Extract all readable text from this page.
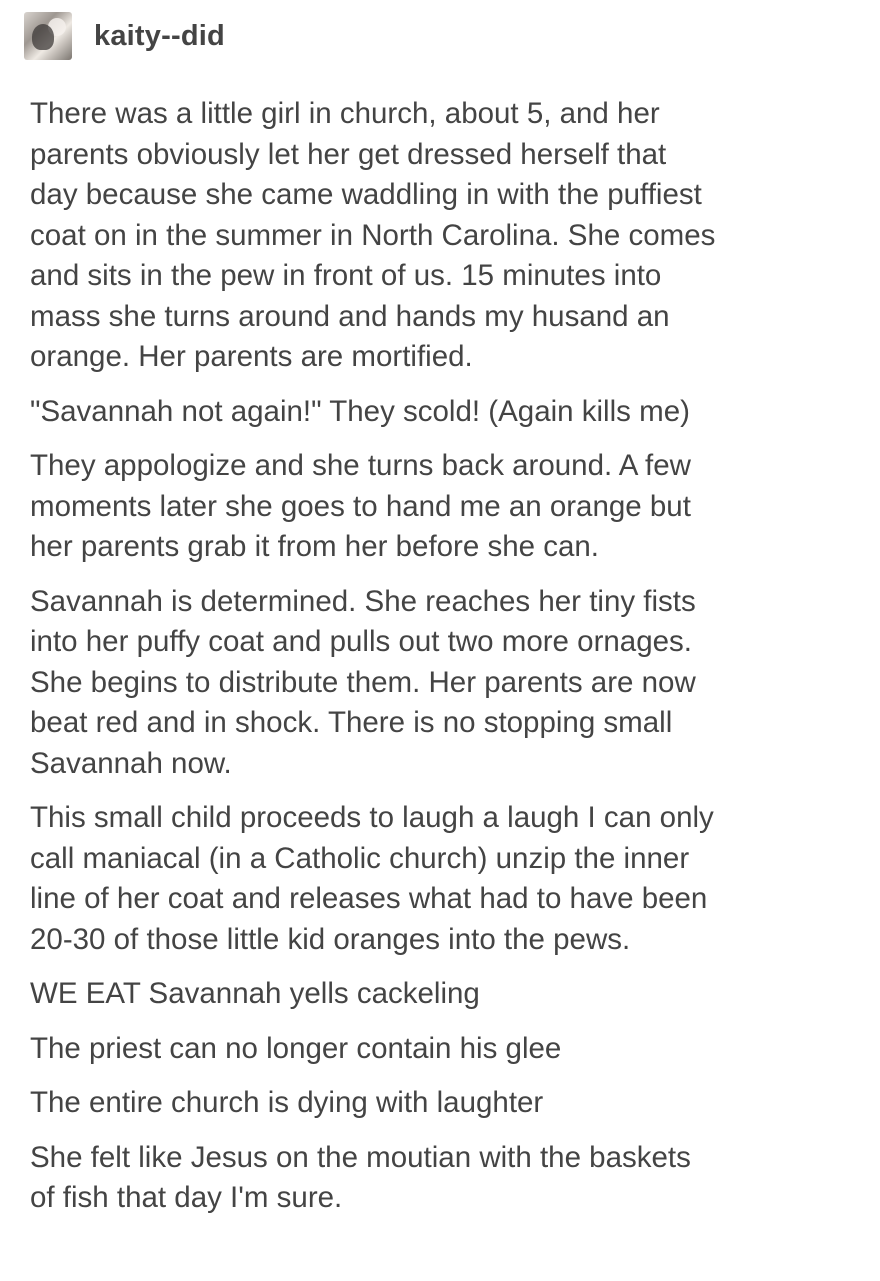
kaity--did

There was a little girl in church, about 5, and her
parents obviously let her get dressed herself that
day because she came waddling in with the puffiest
coat on in the summer in North Carolina. She comes
and sits in the pew in front of us. 15 minutes into
mass she turns around and hands my husand an
orange. Her parents are mortified.

"Savannah not again!" They scold! (Again kills me)

They appologize and she turns back around. A few
moments later she goes to hand me an orange but
her parents grab it from her before she can.

Savannah is determined. She reaches her tiny fists
into her puffy coat and pulls out two more ornages.
She begins to distribute them. Her parents are now
beat red and in shock. There is no stopping small
Savannah now.

This small child proceeds to laugh a laugh I can only
call maniacal (in a Catholic church) unzip the inner
line of her coat and releases what had to have been
20-30 of those little kid oranges into the pews.

WE EAT Savannah yells cackeling

The priest can no longer contain his glee

The entire church is dying with laughter

She felt like Jesus on the moutian with the baskets
of fish that day I'm sure.
